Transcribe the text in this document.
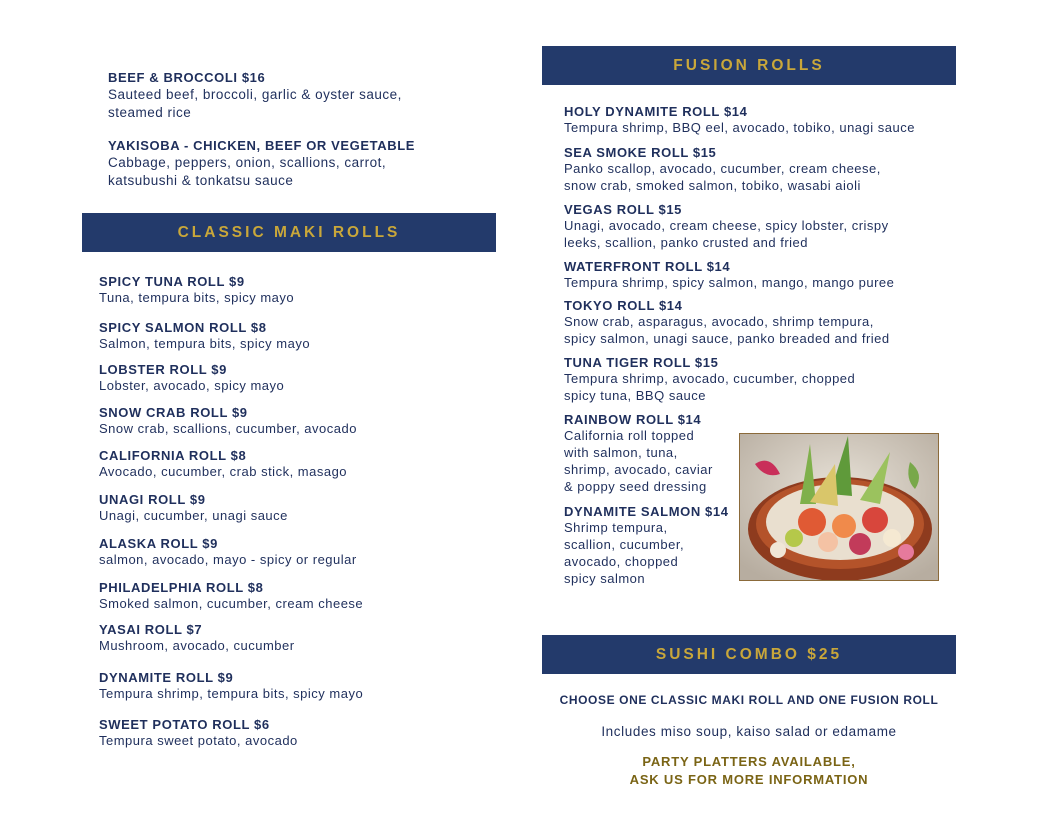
BEEF & BROCCOLI $16
Sauteed beef, broccoli, garlic & oyster sauce,
steamed rice
YAKISOBA - CHICKEN, BEEF OR VEGETABLE
Cabbage, peppers, onion, scallions, carrot,
katsubushi & tonkatsu sauce
CLASSIC MAKI ROLLS
SPICY TUNA ROLL $9
Tuna, tempura bits, spicy mayo
SPICY SALMON ROLL $8
Salmon, tempura bits, spicy mayo
LOBSTER ROLL $9
Lobster, avocado, spicy mayo
SNOW CRAB ROLL $9
Snow crab, scallions, cucumber, avocado
CALIFORNIA ROLL $8
Avocado, cucumber, crab stick, masago
UNAGI ROLL $9
Unagi, cucumber, unagi sauce
ALASKA ROLL $9
salmon, avocado, mayo - spicy or regular
PHILADELPHIA ROLL $8
Smoked salmon, cucumber, cream cheese
YASAI ROLL $7
Mushroom, avocado, cucumber
DYNAMITE ROLL $9
Tempura shrimp, tempura bits, spicy mayo
SWEET POTATO ROLL $6
Tempura sweet potato, avocado
FUSION ROLLS
HOLY DYNAMITE ROLL $14
Tempura shrimp, BBQ eel, avocado, tobiko, unagi sauce
SEA SMOKE ROLL $15
Panko scallop, avocado, cucumber, cream cheese,
snow crab, smoked salmon, tobiko, wasabi aioli
VEGAS ROLL $15
Unagi, avocado, cream cheese, spicy lobster, crispy
leeks, scallion, panko crusted and fried
WATERFRONT ROLL $14
Tempura shrimp, spicy salmon, mango, mango puree
TOKYO ROLL $14
Snow crab, asparagus, avocado, shrimp tempura,
spicy salmon, unagi sauce, panko breaded and fried
TUNA TIGER ROLL $15
Tempura shrimp, avocado, cucumber, chopped
spicy tuna, BBQ sauce
RAINBOW ROLL $14
California roll topped
with salmon, tuna,
shrimp, avocado, caviar
& poppy seed dressing
DYNAMITE SALMON $14
Shrimp tempura,
scallion, cucumber,
avocado, chopped
spicy salmon
SUSHI COMBO $25
CHOOSE ONE CLASSIC MAKI ROLL AND ONE FUSION ROLL
Includes miso soup, kaiso salad or edamame
PARTY PLATTERS AVAILABLE,
ASK US FOR MORE INFORMATION
